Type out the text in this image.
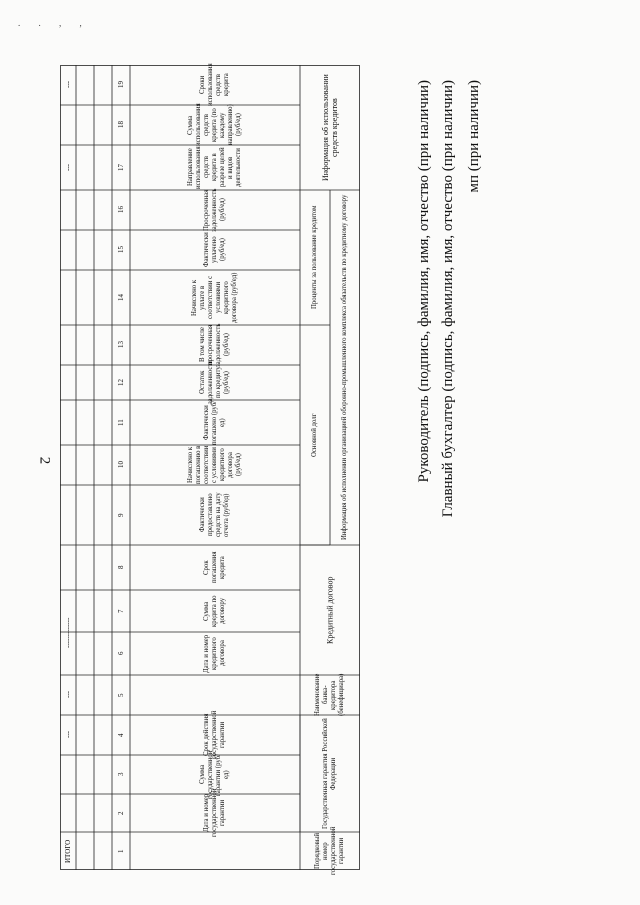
. . , ,
2
Порядковый номер государственной гарантии
Государственная гарантия Российской Федерации
Наименование банка-кредитора (бенефициара)
Кредитный договор
Информация об исполнении организацией оборонно-промышленного комплекса обязательств по кредитному договору
Основной долг
Проценты за пользование кредитом
Информация об использовании средств кредитов
Дата и номер государственной гарантии
Сумма государственной гарантии (руб/ед)
Срок действия государственной гарантии
Дата и номер кредитного договора
Сумма кредита по договору
Срок погашения кредита
Фактически предоставлено средств на дату отчета (руб/ед)
Начислено к погашению в соответствии с условиями кредитного договора (руб/ед)
Фактически погашено (руб/ед)
Остаток задолженности по кредиту (руб/ед)
В том числе просроченная задолженность (руб/ед)
Начислено к уплате в соответствии с условиями кредитного договора (руб/ед)
Фактически уплачено (руб/ед)
Просроченная задолженность (руб/ед)
Направление использования средств кредита в разрезе целей и видов деятельности
Сумма использования средств кредита (по каждому направлению) (руб/ед)
Сроки использования средств кредита
1
2
3
4
5
6
7
8
9
10
11
12
13
14
15
16
17
18
19
ИТОГО
---
---
-------------
---
---	Руководитель (подпись, фамилия, имя, отчество (при наличии) Главный бухгалтер (подпись, фамилия, имя, отчество (при наличии) мп (при наличии)
